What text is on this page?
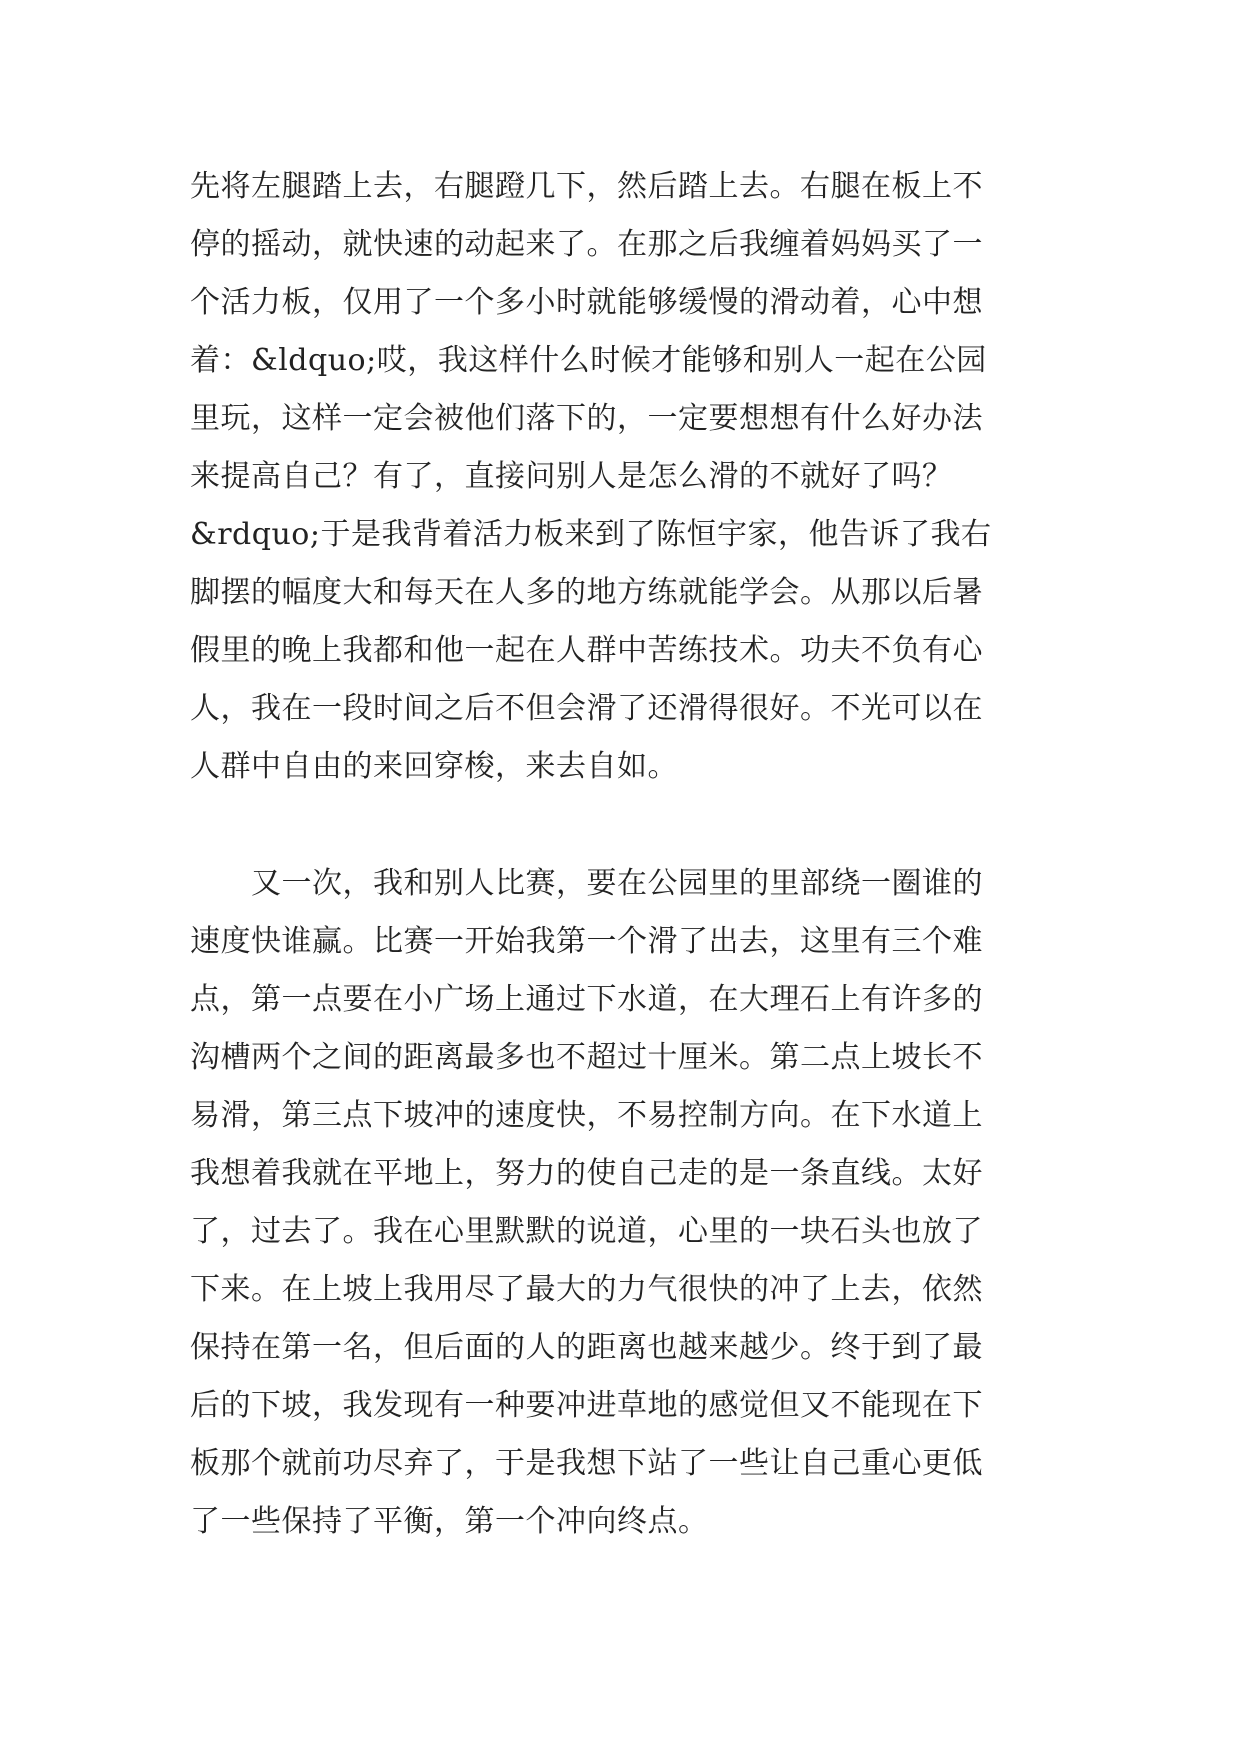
先将左腿踏上去，右腿蹬几下，然后踏上去。右腿在板上不
停的摇动，就快速的动起来了。在那之后我缠着妈妈买了一
个活力板，仅用了一个多小时就能够缓慢的滑动着，心中想
着：&ldquo;哎，我这样什么时候才能够和别人一起在公园
里玩，这样一定会被他们落下的，一定要想想有什么好办法
来提高自己？有了，直接问别人是怎么滑的不就好了吗？
&rdquo;于是我背着活力板来到了陈恒宇家，他告诉了我右
脚摆的幅度大和每天在人多的地方练就能学会。从那以后暑
假里的晚上我都和他一起在人群中苦练技术。功夫不负有心
人，我在一段时间之后不但会滑了还滑得很好。不光可以在
人群中自由的来回穿梭，来去自如。
　　又一次，我和别人比赛，要在公园里的里部绕一圈谁的
速度快谁赢。比赛一开始我第一个滑了出去，这里有三个难
点，第一点要在小广场上通过下水道，在大理石上有许多的
沟槽两个之间的距离最多也不超过十厘米。第二点上坡长不
易滑，第三点下坡冲的速度快，不易控制方向。在下水道上
我想着我就在平地上，努力的使自己走的是一条直线。太好
了，过去了。我在心里默默的说道，心里的一块石头也放了
下来。在上坡上我用尽了最大的力气很快的冲了上去，依然
保持在第一名，但后面的人的距离也越来越少。终于到了最
后的下坡，我发现有一种要冲进草地的感觉但又不能现在下
板那个就前功尽弃了，于是我想下站了一些让自己重心更低
了一些保持了平衡，第一个冲向终点。
